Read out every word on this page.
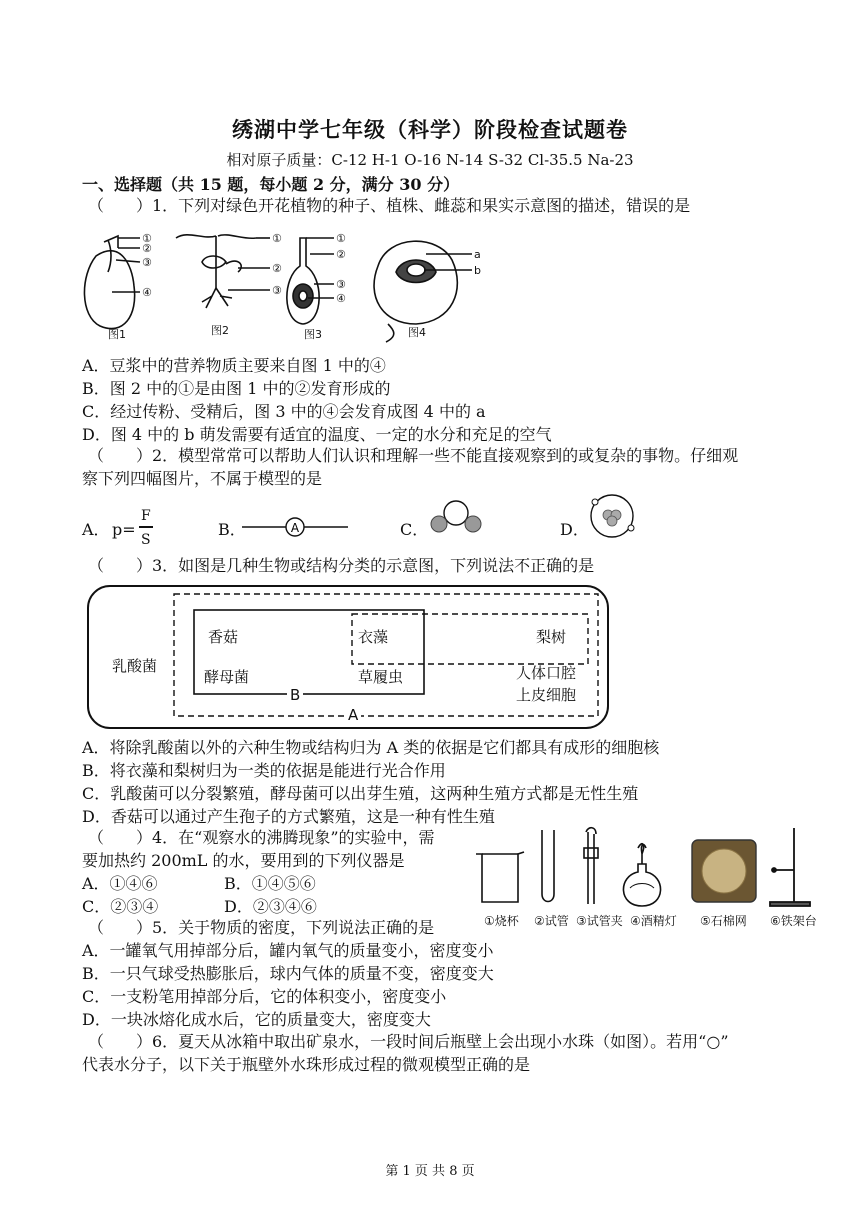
绣湖中学七年级（科学）阶段检查试题卷
相对原子质量：C-12 H-1 O-16 N-14 S-32 Cl-35.5 Na-23
一、选择题（共 15 题，每小题 2 分，满分 30 分）
（　　）1．下列对绿色开花植物的种子、植株、雌蕊和果实示意图的描述，错误的是
①
②
③
④
①
②
③
①
②
③
④
a
b
图1	图2	图3	图4
A．豆浆中的营养物质主要来自图 1 中的④
B．图 2 中的①是由图 1 中的②发育形成的
C．经过传粉、受精后，图 3 中的④会发育成图 4 中的 a
D．图 4 中的 b 萌发需要有适宜的温度、一定的水分和充足的空气
（　　）2．模型常常可以帮助人们认识和理解一些不能直接观察到的或复杂的事物。仔细观
察下列四幅图片，不属于模型的是
A． p=
F
S
B．	A	C．	D．
（　　）3．如图是几种生物或结构分类的示意图，下列说法不正确的是
乳酸菌
香菇
酵母菌
衣藻
草履虫
梨树
人体口腔
上皮细胞
B
A
A．将除乳酸菌以外的六种生物或结构归为 A 类的依据是它们都具有成形的细胞核
B．将衣藻和梨树归为一类的依据是能进行光合作用
C．乳酸菌可以分裂繁殖，酵母菌可以出芽生殖，这两种生殖方式都是无性生殖
D．香菇可以通过产生孢子的方式繁殖，这是一种有性生殖
（　　）4．在“观察水的沸腾现象”的实验中，需
要加热约 200mL 的水，要用到的下列仪器是
A．①④⑥	B．①④⑤⑥
C．②③④	D．②③④⑥
①烧杯 ②试管 ③试管夹 ④酒精灯 ⑤石棉网 ⑥铁架台
（　　）5．关于物质的密度，下列说法正确的是
A．一罐氧气用掉部分后，罐内氧气的质量变小，密度变小
B．一只气球受热膨胀后，球内气体的质量不变，密度变大
C．一支粉笔用掉部分后，它的体积变小，密度变小
D．一块冰熔化成水后，它的质量变大，密度变大
（　　）6．夏天从冰箱中取出矿泉水，一段时间后瓶壁上会出现小水珠（如图）。若用“○”
代表水分子，以下关于瓶壁外水珠形成过程的微观模型正确的是
第 1 页 共 8 页
